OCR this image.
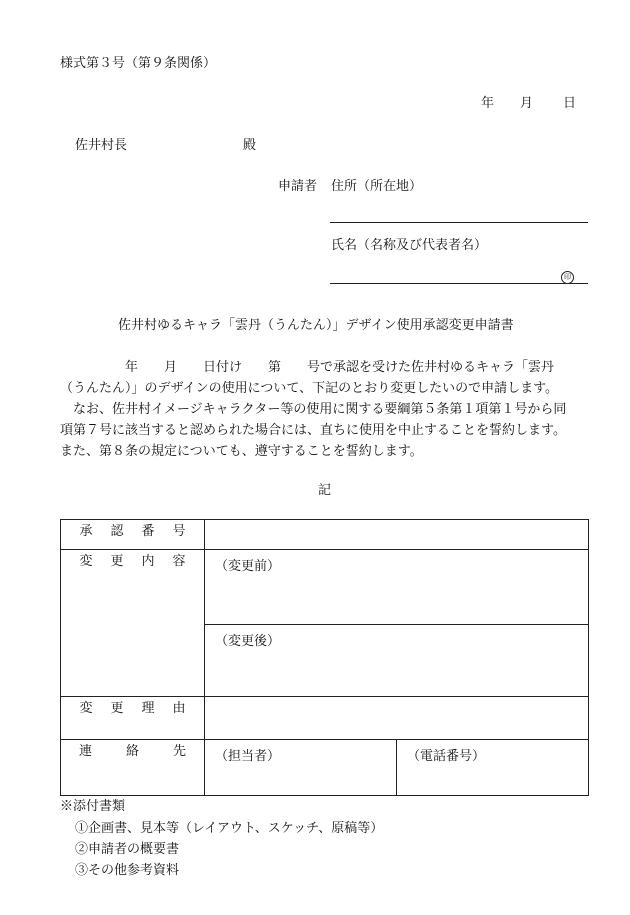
様式第３号（第９条関係）
年 月 日
佐井村長	殿
申請者 住所（所在地）
氏名（名称及び代表者名）
印
佐井村ゆるキャラ「雲丹（うんたん）」デザイン使用承認変更申請書
　　　　　年　　月　　日付け　　第　　号で承認を受けた佐井村ゆるキャラ「雲丹
（うんたん）」のデザインの使用について、下記のとおり変更したいので申請します。
　なお、佐井村イメージキャラクター等の使用に関する要綱第５条第１項第１号から同
項第７号に該当すると認められた場合には、直ちに使用を中止することを誓約します。
また、第８条の規定についても、遵守することを誓約します。
記
承 認 番 号		

変 更 内 容	（変更前）	

	（変更後）	

変 更 理 由		

連 絡 先	（担当者）	（電話番号）
※添付書類
①企画書、見本等（レイアウト、スケッチ、原稿等）
②申請者の概要書
③その他参考資料
